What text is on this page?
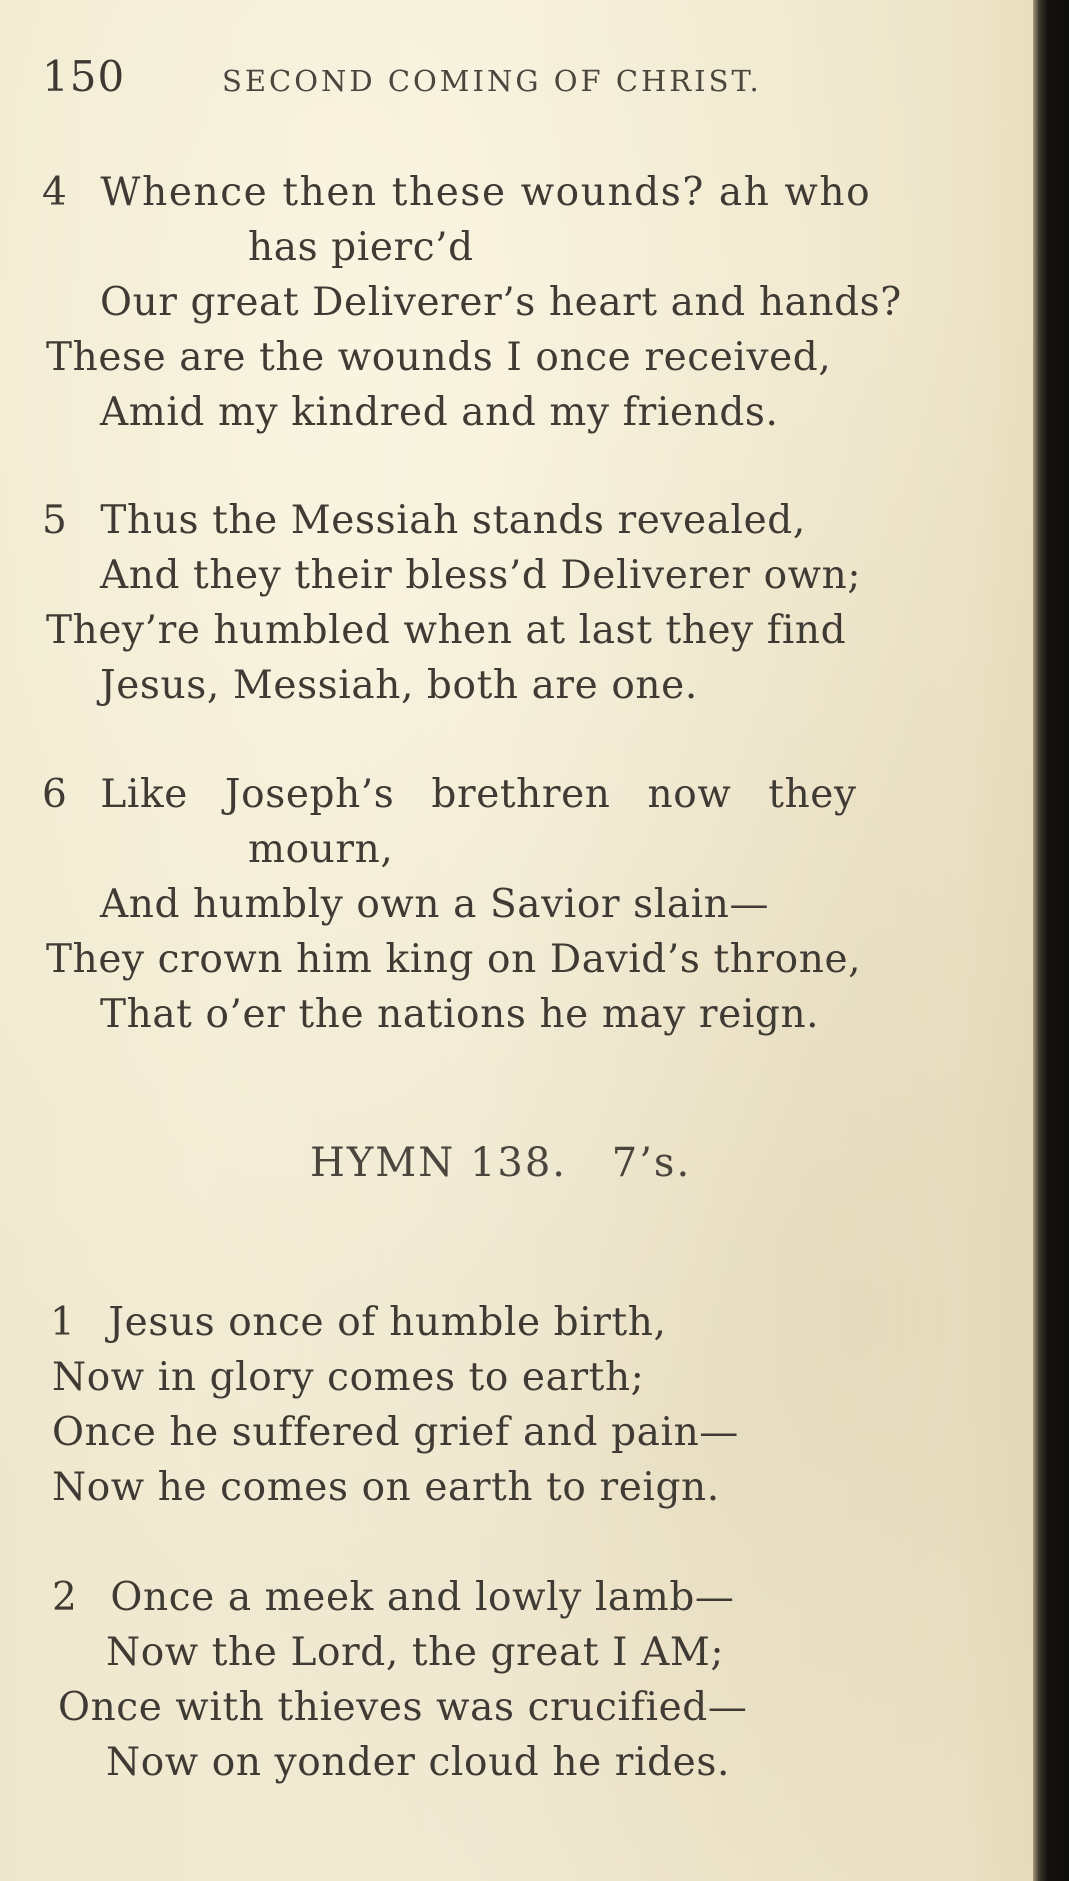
150	SECOND COMING OF CHRIST.
4 Whence then these wounds? ah who
has pierc’d
Our great Deliverer’s heart and hands?
These are the wounds I once received,
Amid my kindred and my friends.
5 Thus the Messiah stands revealed,
And they their bless’d Deliverer own;
They’re humbled when at last they find
Jesus, Messiah, both are one.
6 Like Joseph’s brethren now they
mourn,
And humbly own a Savior slain—
They crown him king on David’s throne,
That o’er the nations he may reign.
HYMN 138. 7’s.
1 Jesus once of humble birth,
Now in glory comes to earth;
Once he suffered grief and pain—
Now he comes on earth to reign.
2 Once a meek and lowly lamb—
Now the Lord, the great I AM;
Once with thieves was crucified—
Now on yonder cloud he rides.
